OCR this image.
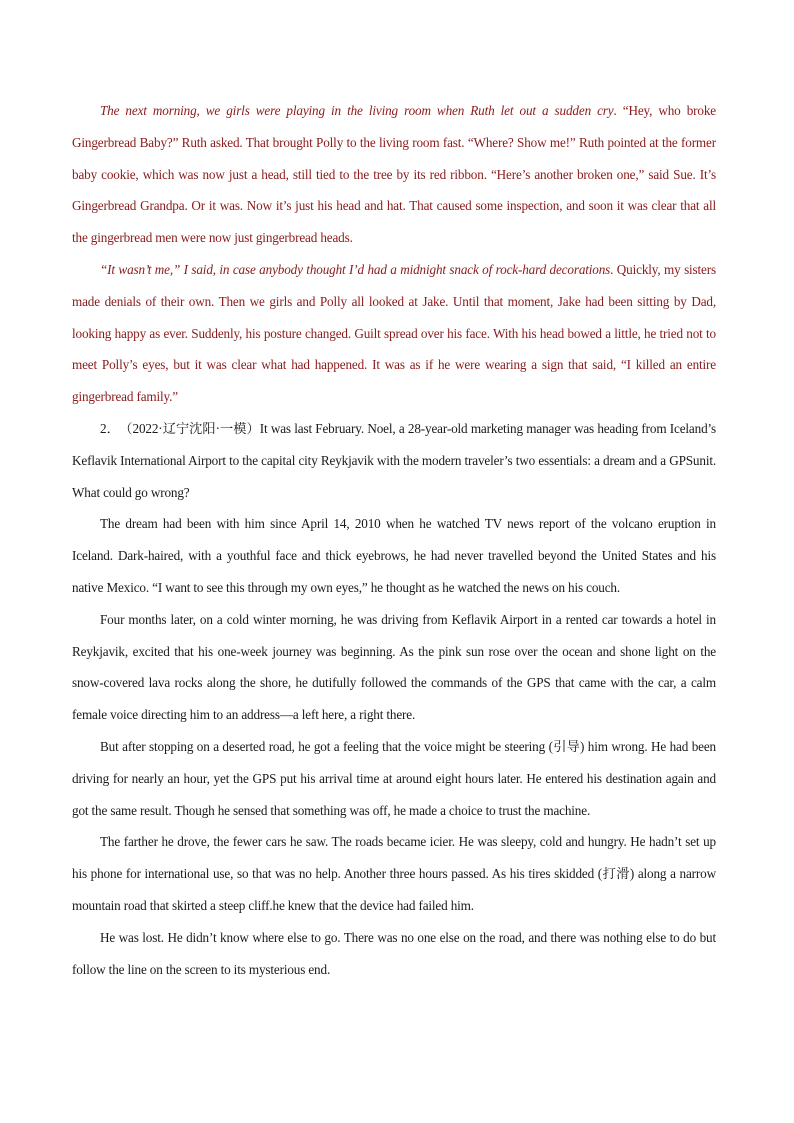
The next morning, we girls were playing in the living room when Ruth let out a sudden cry. “Hey, who broke Gingerbread Baby?” Ruth asked. That brought Polly to the living room fast. “Where? Show me!” Ruth pointed at the former baby cookie, which was now just a head, still tied to the tree by its red ribbon. “Here’s another broken one,” said Sue. It’s Gingerbread Grandpa. Or it was. Now it’s just his head and hat. That caused some inspection, and soon it was clear that all the gingerbread men were now just gingerbread heads.

“It wasn’t me,” I said, in case anybody thought I’d had a midnight snack of rock-hard decorations. Quickly, my sisters made denials of their own. Then we girls and Polly all looked at Jake. Until that moment, Jake had been sitting by Dad, looking happy as ever. Suddenly, his posture changed. Guilt spread over his face. With his head bowed a little, he tried not to meet Polly’s eyes, but it was clear what had happened. It was as if he were wearing a sign that said, “I killed an entire gingerbread family.”

2． （2022·辽宁沈阳·一模）It was last February. Noel, a 28-year-old marketing manager was heading from Iceland’s Keflavik International Airport to the capital city Reykjavik with the modern traveler’s two essentials: a dream and a GPSunit. What could go wrong?

The dream had been with him since April 14, 2010 when he watched TV news report of the volcano eruption in Iceland. Dark-haired, with a youthful face and thick eyebrows, he had never travelled beyond the United States and his native Mexico. “I want to see this through my own eyes,” he thought as he watched the news on his couch.

Four months later, on a cold winter morning, he was driving from Keflavik Airport in a rented car towards a hotel in Reykjavik, excited that his one-week journey was beginning. As the pink sun rose over the ocean and shone light on the snow-covered lava rocks along the shore, he dutifully followed the commands of the GPS that came with the car, a calm female voice directing him to an address—a left here, a right there.

But after stopping on a deserted road, he got a feeling that the voice might be steering (引导) him wrong. He had been driving for nearly an hour, yet the GPS put his arrival time at around eight hours later. He entered his destination again and got the same result. Though he sensed that something was off, he made a choice to trust the machine.

The farther he drove, the fewer cars he saw. The roads became icier. He was sleepy, cold and hungry. He hadn’t set up his phone for international use, so that was no help. Another three hours passed. As his tires skidded (打滑) along a narrow mountain road that skirted a steep cliff.he knew that the device had failed him.

He was lost. He didn’t know where else to go. There was no one else on the road, and there was nothing else to do but follow the line on the screen to its mysterious end.
